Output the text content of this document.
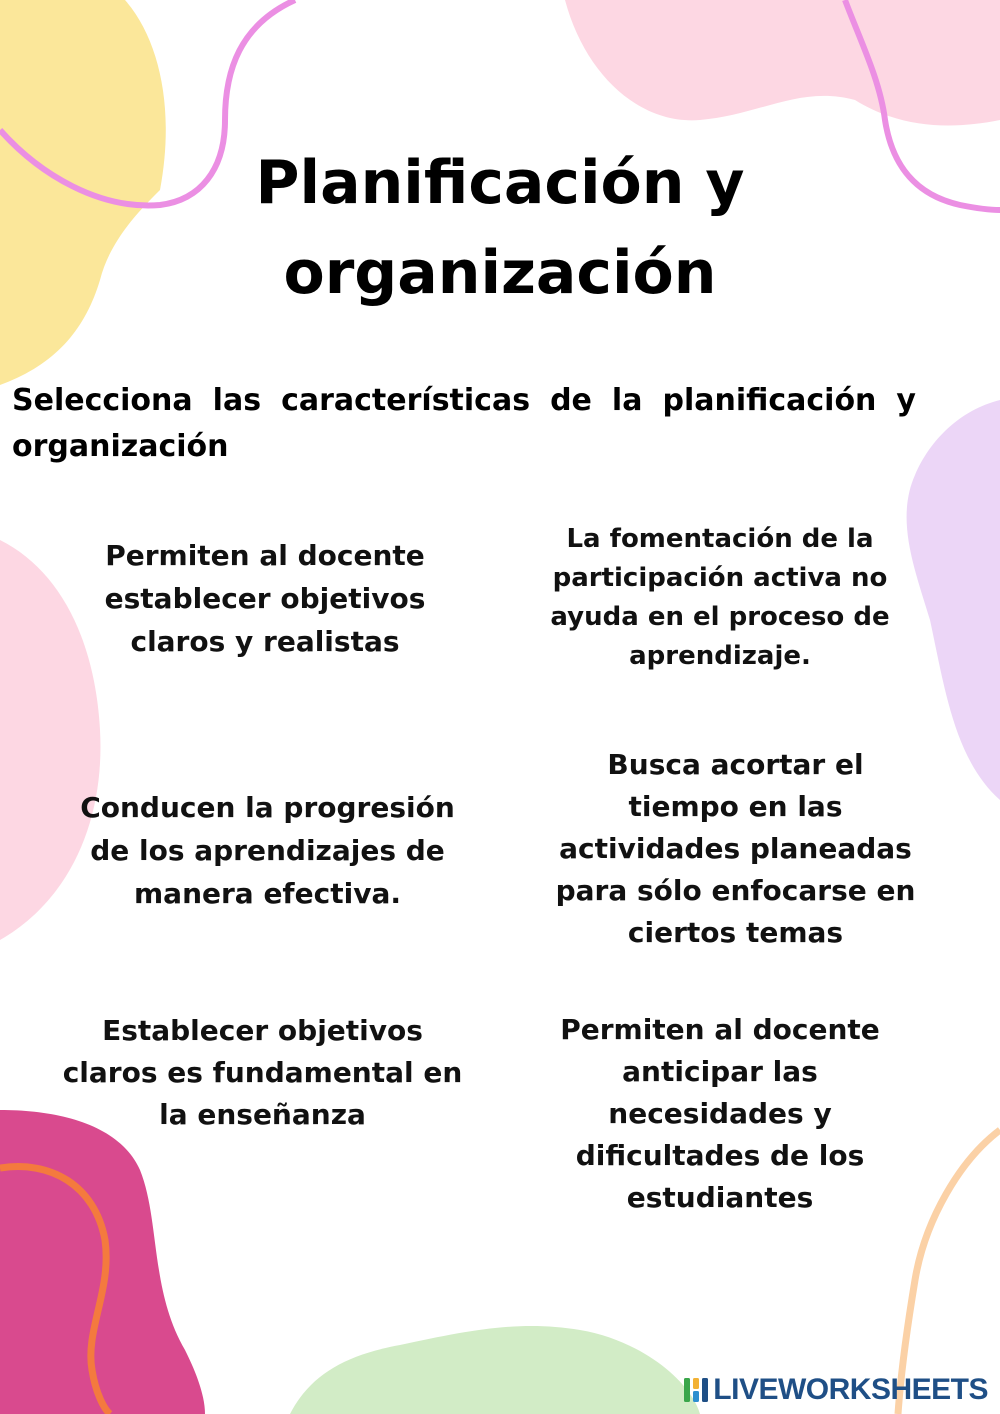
Planificación y
organización
Selecciona las características de la planificación y organización
Permiten al docente establecer objetivos claros y realistas
La fomentación de la participación activa no ayuda en el proceso de aprendizaje.
Conducen la progresión de los aprendizajes de manera efectiva.
Busca acortar el tiempo en las actividades planeadas para sólo enfocarse en ciertos temas
Establecer objetivos claros es fundamental en la enseñanza
Permiten al docente anticipar las necesidades y dificultades de los estudiantes
LIVEWORKSHEETS
